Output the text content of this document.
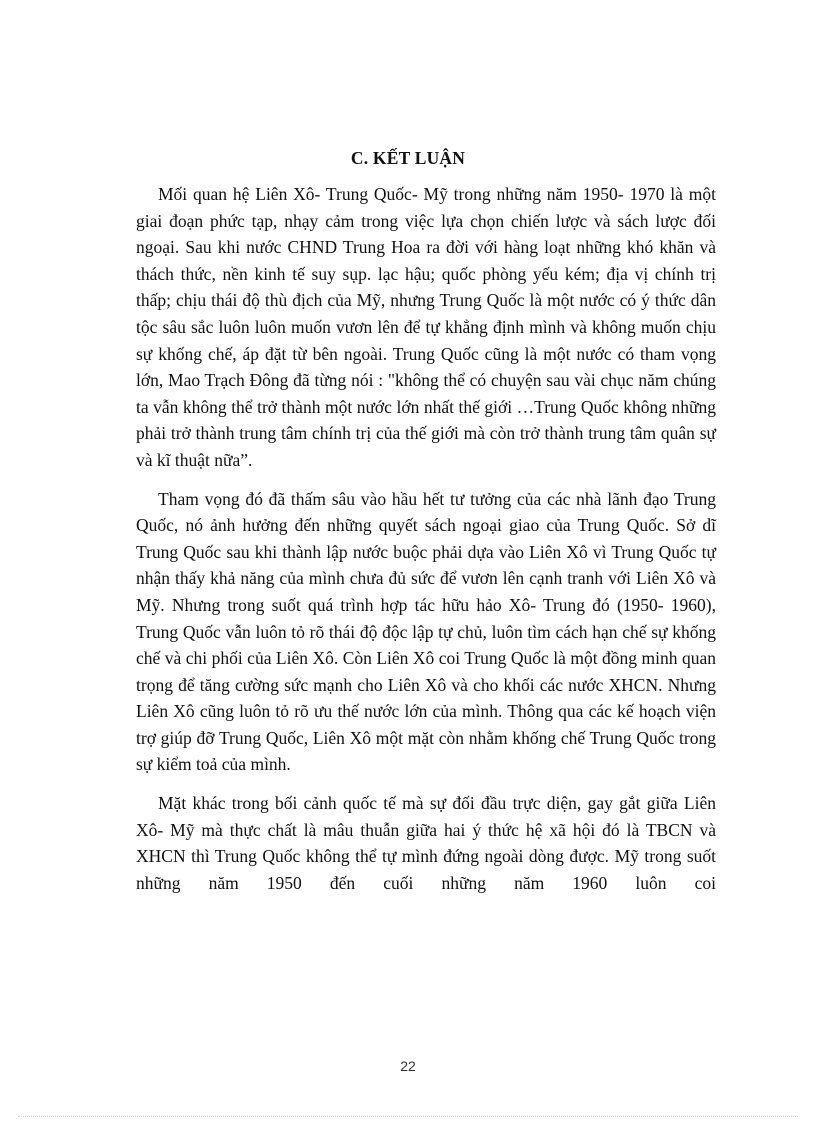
C. KẾT LUẬN

Mối quan hệ Liên Xô- Trung Quốc- Mỹ trong những năm 1950- 1970 là một giai đoạn phức tạp, nhạy cảm trong việc lựa chọn chiến lược và sách lược đối ngoại. Sau khi nước CHND Trung Hoa ra đời với hàng loạt những khó khăn và thách thức, nền kinh tế suy sụp. lạc hậu; quốc phòng yếu kém; địa vị chính trị thấp; chịu thái độ thù địch của Mỹ, nhưng Trung Quốc là một nước có ý thức dân tộc sâu sắc luôn luôn muốn vươn lên để tự khẳng định mình và không muốn chịu sự khống chế, áp đặt từ bên ngoài. Trung Quốc cũng là một nước có tham vọng lớn, Mao Trạch Đông đã từng nói : "không thể có chuyện sau vài chục năm chúng ta vẫn không thể trở thành một nước lớn nhất thế giới …Trung Quốc không những phải trở thành trung tâm chính trị của thế giới mà còn trở thành trung tâm quân sự và kĩ thuật nữa”.

Tham vọng đó đã thấm sâu vào hầu hết tư tưởng của các nhà lãnh đạo Trung Quốc, nó ảnh hưởng đến những quyết sách ngoại giao của Trung Quốc. Sở dĩ Trung Quốc sau khi thành lập nước buộc phải dựa vào Liên Xô vì Trung Quốc tự nhận thấy khả năng của mình chưa đủ sức để vươn lên cạnh tranh với Liên Xô và Mỹ. Nhưng trong suốt quá trình hợp tác hữu hảo Xô- Trung đó (1950- 1960), Trung Quốc vẫn luôn tỏ rõ thái độ độc lập tự chủ, luôn tìm cách hạn chế sự khống chế và chi phối của Liên Xô. Còn Liên Xô coi Trung Quốc là một đồng minh quan trọng để tăng cường sức mạnh cho Liên Xô và cho khối các nước XHCN. Nhưng Liên Xô cũng luôn tỏ rõ ưu thế nước lớn của mình. Thông qua các kế hoạch viện trợ giúp đỡ Trung Quốc, Liên Xô một mặt còn nhằm khống chế Trung Quốc trong sự kiểm toả của mình.

Mặt khác trong bối cảnh quốc tế mà sự đối đầu trực diện, gay gắt giữa Liên Xô- Mỹ mà thực chất là mâu thuẫn giữa hai ý thức hệ xã hội đó là TBCN và XHCN thì Trung Quốc không thể tự mình đứng ngoài dòng được. Mỹ trong suốt những năm 1950 đến cuối những năm 1960 luôn coi

22
